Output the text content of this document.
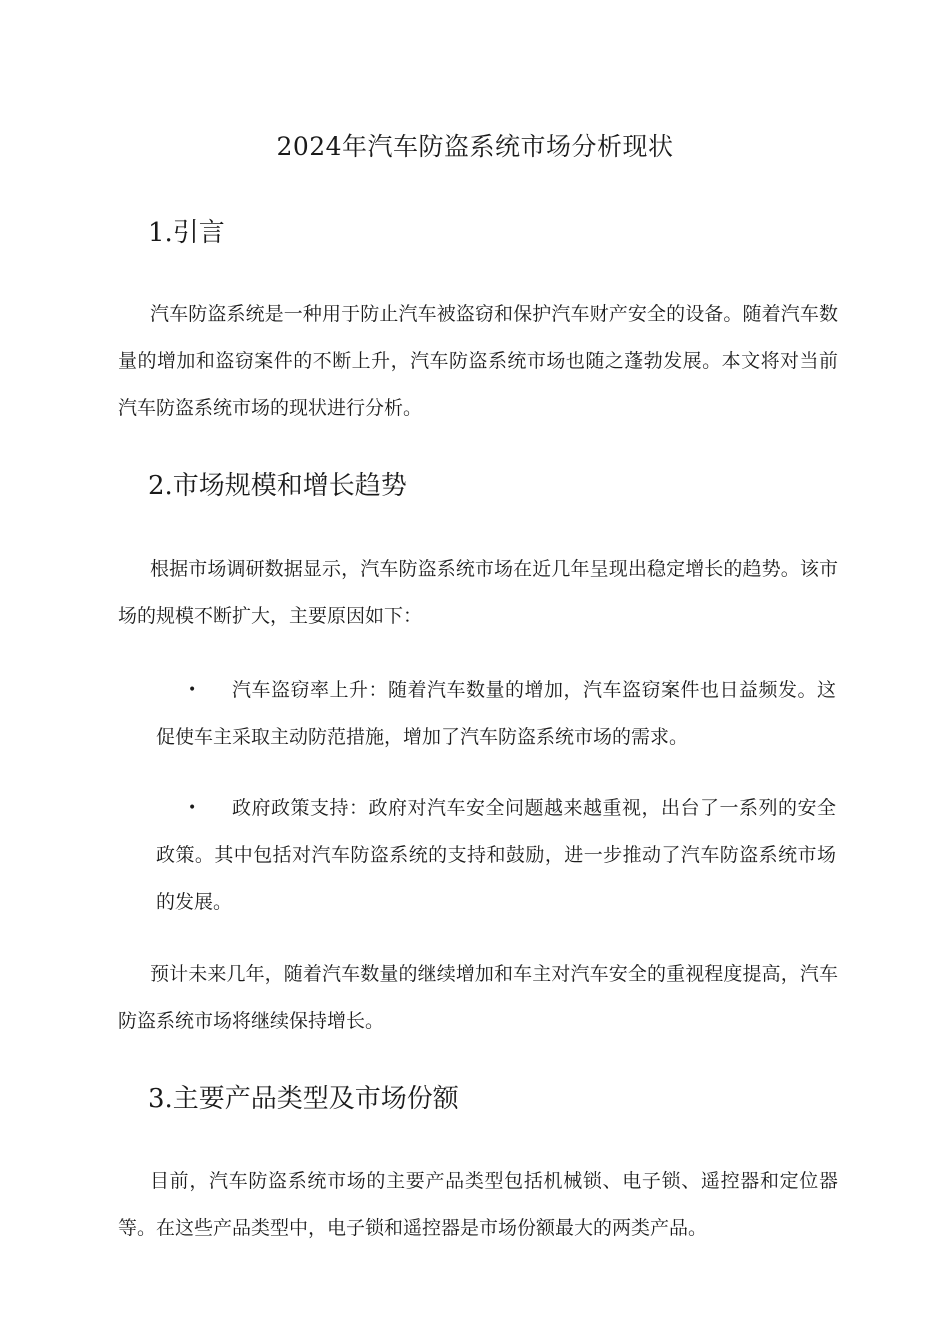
2024年汽车防盗系统市场分析现状
1.引言
汽车防盗系统是一种用于防止汽车被盗窃和保护汽车财产安全的设备。随着汽车数量的增加和盗窃案件的不断上升，汽车防盗系统市场也随之蓬勃发展。本文将对当前汽车防盗系统市场的现状进行分析。
2.市场规模和增长趋势
根据市场调研数据显示，汽车防盗系统市场在近几年呈现出稳定增长的趋势。该市场的规模不断扩大，主要原因如下：
•	汽车盗窃率上升：随着汽车数量的增加，汽车盗窃案件也日益频发。这促使车主采取主动防范措施，增加了汽车防盗系统市场的需求。
•	政府政策支持：政府对汽车安全问题越来越重视，出台了一系列的安全政策。其中包括对汽车防盗系统的支持和鼓励，进一步推动了汽车防盗系统市场的发展。
预计未来几年，随着汽车数量的继续增加和车主对汽车安全的重视程度提高，汽车防盗系统市场将继续保持增长。
3.主要产品类型及市场份额
目前，汽车防盗系统市场的主要产品类型包括机械锁、电子锁、遥控器和定位器等。在这些产品类型中，电子锁和遥控器是市场份额最大的两类产品。
